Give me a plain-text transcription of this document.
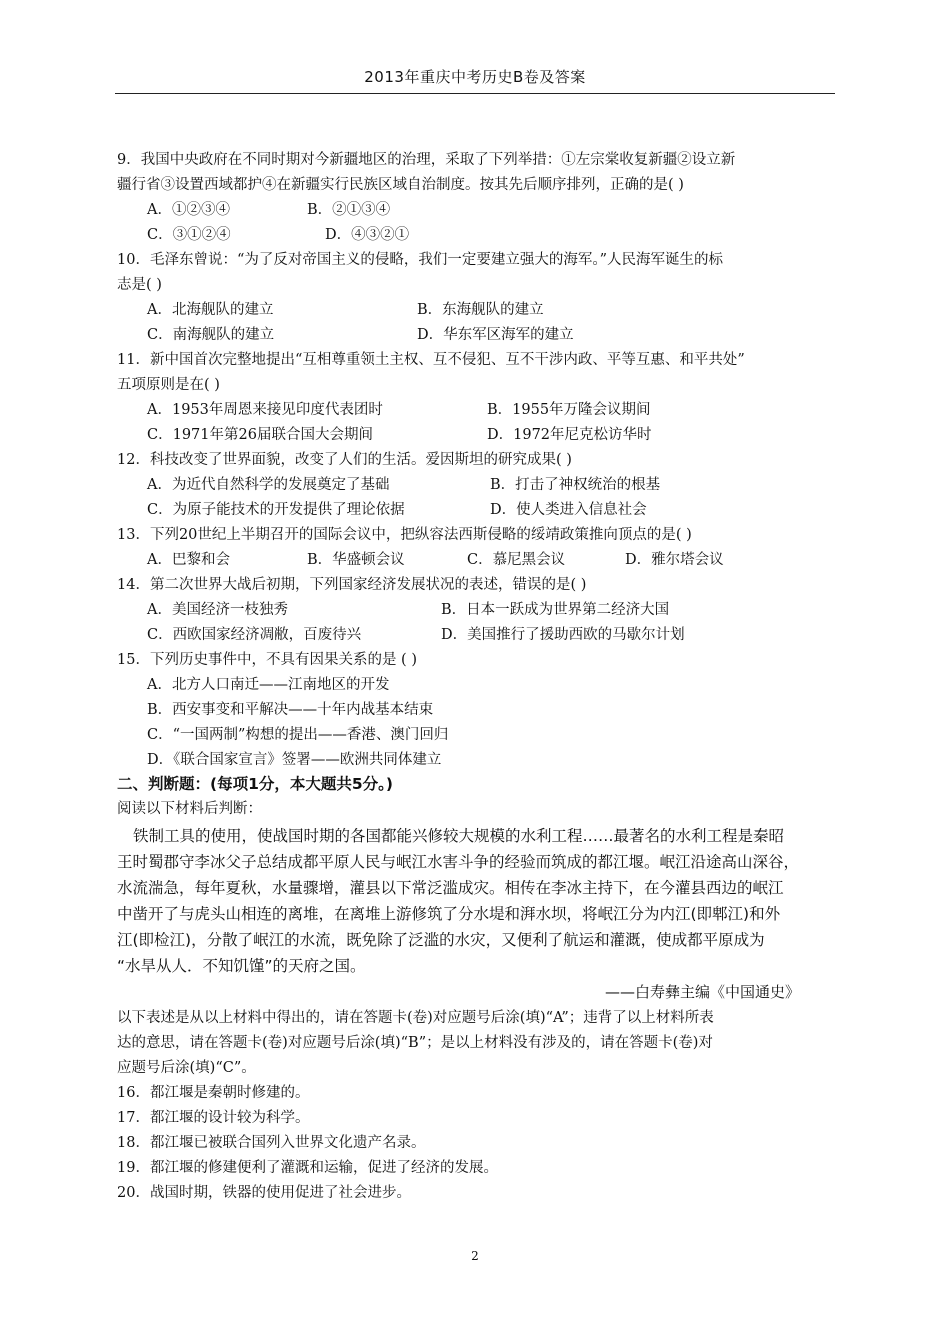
2013年重庆中考历史B卷及答案
9．我国中央政府在不同时期对今新疆地区的治理，采取了下列举措：①左宗棠收复新疆②设立新
疆行省③设置西域都护④在新疆实行民族区域自治制度。按其先后顺序排列，正确的是( )
A．①②③④	B．②①③④
C．③①②④	D．④③②①
10．毛泽东曾说：“为了反对帝国主义的侵略，我们一定要建立强大的海军。”人民海军诞生的标
志是( )
A．北海舰队的建立	B．东海舰队的建立
C．南海舰队的建立	D．华东军区海军的建立
11．新中国首次完整地提出“互相尊重领土主权、互不侵犯、互不干涉内政、平等互惠、和平共处”
五项原则是在( )
A．1953年周恩来接见印度代表团时	B．1955年万隆会议期间
C．1971年第26届联合国大会期间	D．1972年尼克松访华时
12．科技改变了世界面貌，改变了人们的生活。爱因斯坦的研究成果( )
A．为近代自然科学的发展奠定了基础	B．打击了神权统治的根基
C．为原子能技术的开发提供了理论依据	D．使人类进入信息社会
13．下列20世纪上半期召开的国际会议中，把纵容法西斯侵略的绥靖政策推向顶点的是( )
A．巴黎和会	B．华盛顿会议	C．慕尼黑会议	D．雅尔塔会议
14．第二次世界大战后初期，下列国家经济发展状况的表述，错误的是( )
A．美国经济一枝独秀	B．日本一跃成为世界第二经济大国
C．西欧国家经济凋敝，百废待兴	D．美国推行了援助西欧的马歇尔计划
15．下列历史事件中，不具有因果关系的是 ( )
A．北方人口南迁——江南地区的开发
B．西安事变和平解决——十年内战基本结束
C．“一国两制”构想的提出——香港、澳门回归
D．《联合国家宣言》签署——欧洲共同体建立
二、判断题：(每项1分，本大题共5分。)
阅读以下材料后判断：
铁制工具的使用，使战国时期的各国都能兴修较大规模的水利工程……最著名的水利工程是秦昭
王时蜀郡守李冰父子总结成都平原人民与岷江水害斗争的经验而筑成的都江堰。岷江沿途高山深谷，
水流湍急，每年夏秋，水量骤增，灌县以下常泛滥成灾。相传在李冰主持下，在今灌县西边的岷江
中凿开了与虎头山相连的离堆，在离堆上游修筑了分水堤和湃水坝，将岷江分为内江(即郫江)和外
江(即检江)，分散了岷江的水流，既免除了泛滥的水灾，又便利了航运和灌溉，使成都平原成为
“水旱从人．不知饥馑”的天府之国。
——白寿彝主编《中国通史》
以下表述是从以上材料中得出的，请在答题卡(卷)对应题号后涂(填)“A”；违背了以上材料所表
达的意思，请在答题卡(卷)对应题号后涂(填)“B”；是以上材料没有涉及的，请在答题卡(卷)对
应题号后涂(填)“C”。
16．都江堰是秦朝时修建的。
17．都江堰的设计较为科学。
18．都江堰已被联合国列入世界文化遗产名录。
19．都江堰的修建便利了灌溉和运输，促进了经济的发展。
20．战国时期，铁器的使用促进了社会进步。
2
